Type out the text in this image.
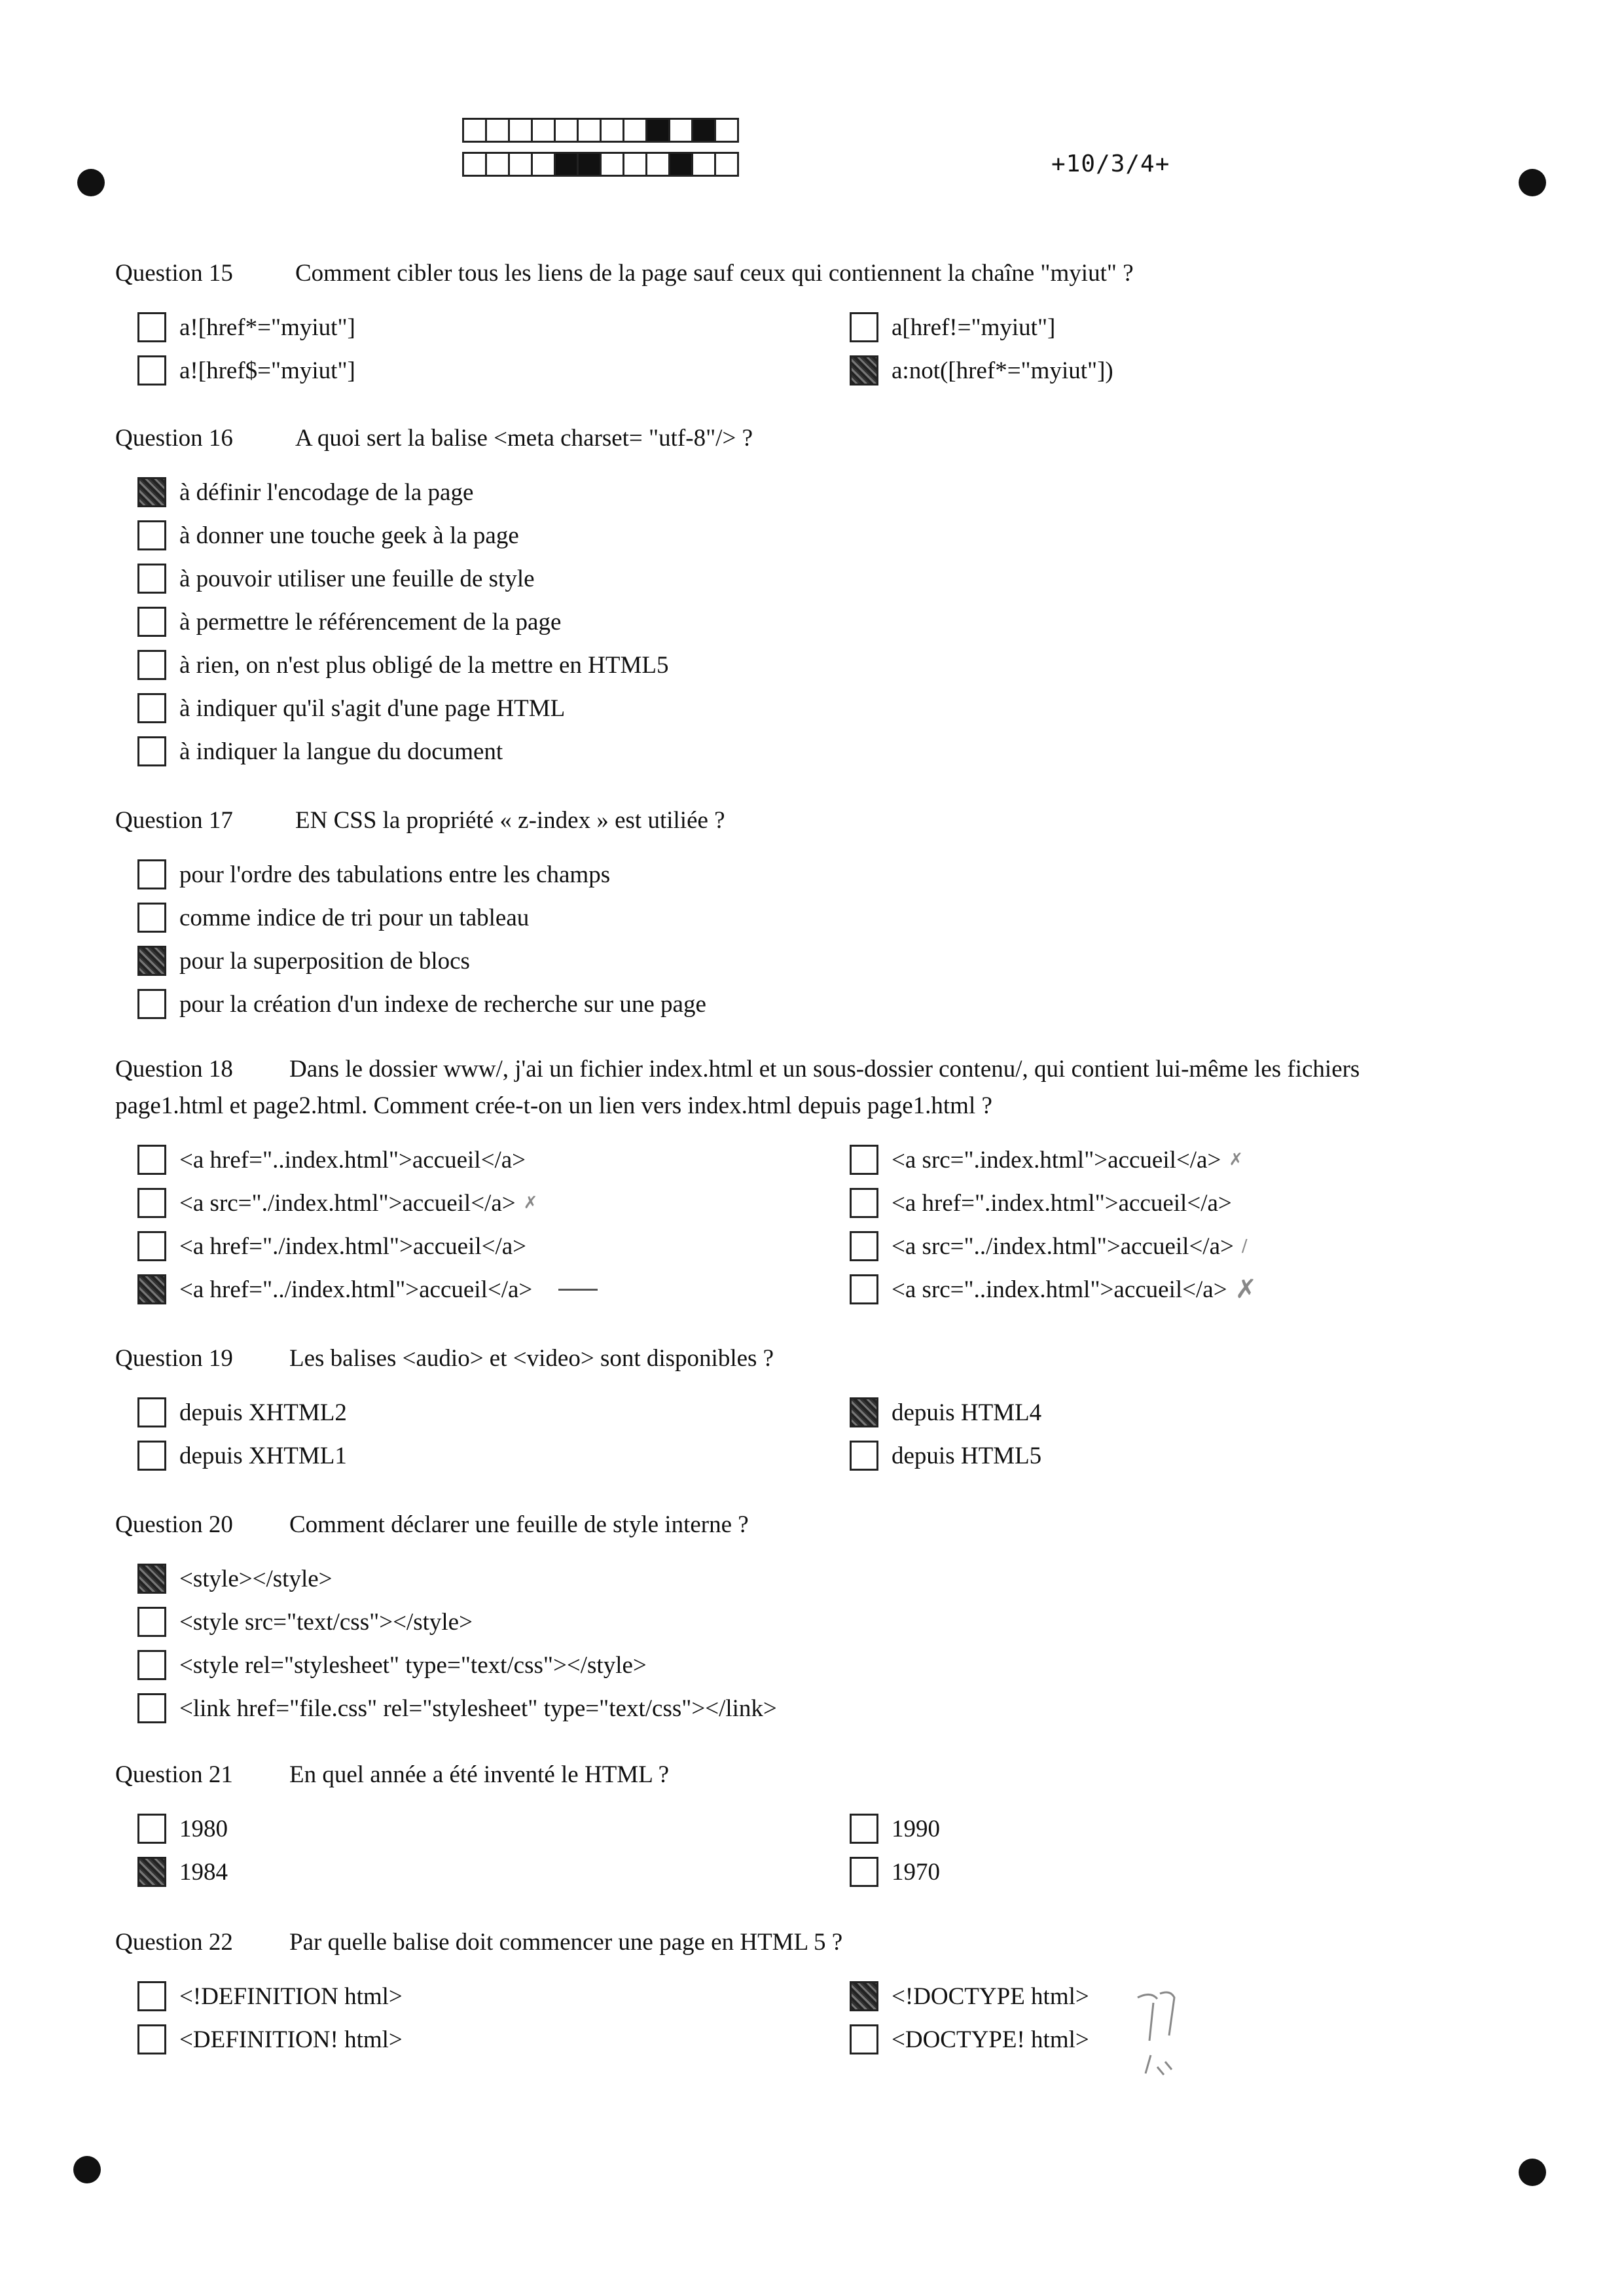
+10/3/4+
Question 15	Comment cibler tous les liens de la page sauf ceux qui contiennent la chaîne "myiut" ?
a![href*="myiut"]
a![href$="myiut"]
a[href!="myiut"]
a:not([href*="myiut"])
Question 16	A quoi sert la balise <meta charset= "utf-8"/> ?
à définir l'encodage de la page
à donner une touche geek à la page
à pouvoir utiliser une feuille de style
à permettre le référencement de la page
à rien, on n'est plus obligé de la mettre en HTML5
à indiquer qu'il s'agit d'une page HTML
à indiquer la langue du document
Question 17	EN CSS la propriété « z-index » est utiliée ?
pour l'ordre des tabulations entre les champs
comme indice de tri pour un tableau
pour la superposition de blocs
pour la création d'un indexe de recherche sur une page
Question 18 Dans le dossier www/, j'ai un fichier index.html et un sous-dossier contenu/, qui contient lui-même les fichiers
page1.html et page2.html. Comment crée-t-on un lien vers index.html depuis page1.html ?
<a href="..index.html">accueil</a>
<a src="./index.html">accueil</a> ✗
<a href="./index.html">accueil</a>
<a href="../index.html">accueil</a>
<a src=".index.html">accueil</a> ✗
<a href=".index.html">accueil</a>
<a src="../index.html">accueil</a> /
<a src="..index.html">accueil</a> ✗
Question 19 Les balises <audio> et <video> sont disponibles ?
depuis XHTML2
depuis XHTML1
depuis HTML4
depuis HTML5
Question 20 Comment déclarer une feuille de style interne ?
<style></style>
<style src="text/css"></style>
<style rel="stylesheet" type="text/css"></style>
<link href="file.css" rel="stylesheet" type="text/css"></link>
Question 21 En quel année a été inventé le HTML ?
1980
1984
1990
1970
Question 22 Par quelle balise doit commencer une page en HTML 5 ?
<!DEFINITION html>
<DEFINITION! html>
<!DOCTYPE html>
<DOCTYPE! html>
